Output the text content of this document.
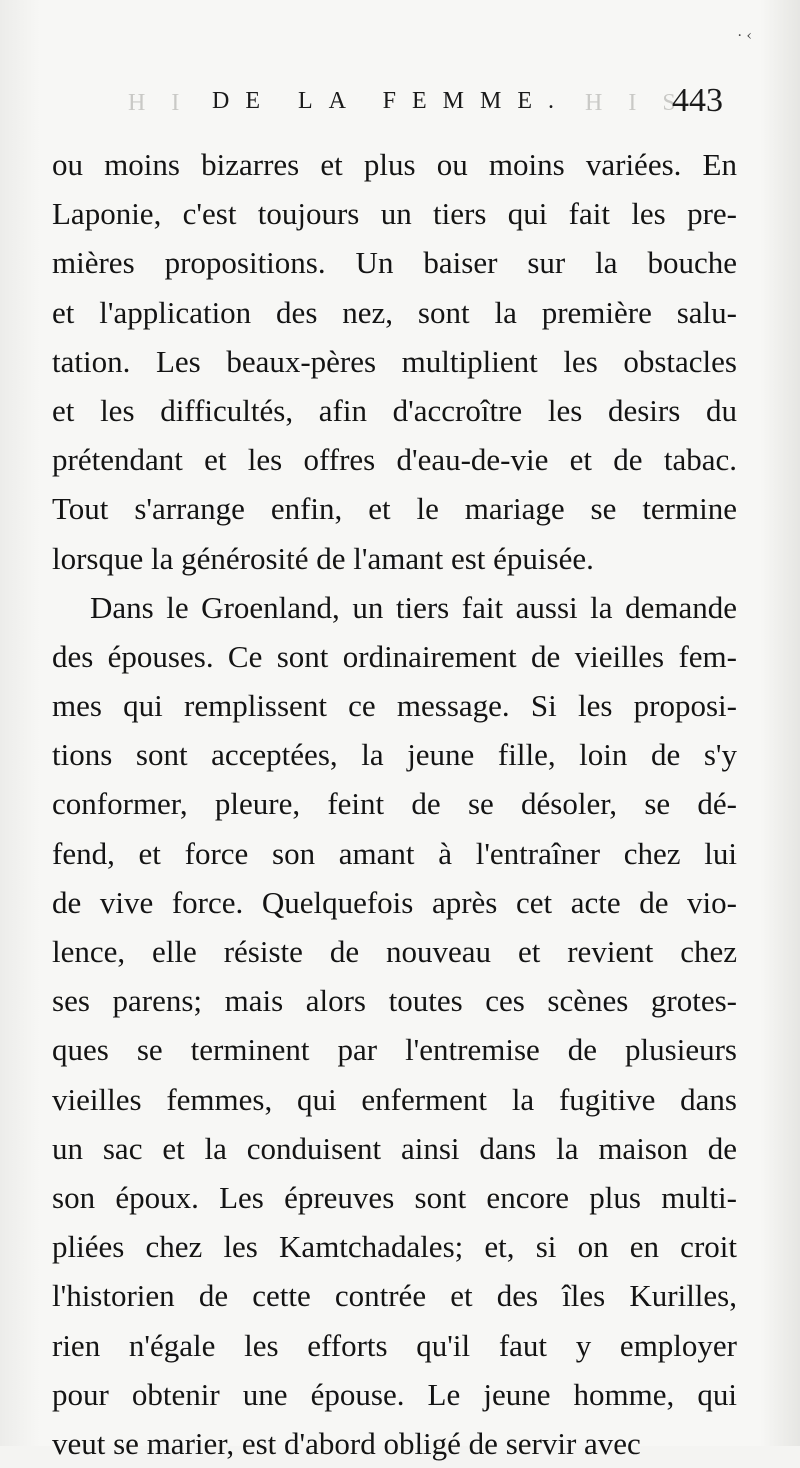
· ‹
H I DE LA FEMME. H I S
443
ou moins bizarres et plus ou moins variées. En
Laponie, c'est toujours un tiers qui fait les pre-
mières propositions. Un baiser sur la bouche
et l'application des nez, sont la première salu-
tation. Les beaux-pères multiplient les obstacles
et les difficultés, afin d'accroître les desirs du
prétendant et les offres d'eau-de-vie et de tabac.
Tout s'arrange enfin, et le mariage se termine
lorsque la générosité de l'amant est épuisée.
Dans le Groenland, un tiers fait aussi la demande
des épouses. Ce sont ordinairement de vieilles fem-
mes qui remplissent ce message. Si les proposi-
tions sont acceptées, la jeune fille, loin de s'y
conformer, pleure, feint de se désoler, se dé-
fend, et force son amant à l'entraîner chez lui
de vive force. Quelquefois après cet acte de vio-
lence, elle résiste de nouveau et revient chez
ses parens; mais alors toutes ces scènes grotes-
ques se terminent par l'entremise de plusieurs
vieilles femmes, qui enferment la fugitive dans
un sac et la conduisent ainsi dans la maison de
son époux. Les épreuves sont encore plus multi-
pliées chez les Kamtchadales; et, si on en croit
l'historien de cette contrée et des îles Kurilles,
rien n'égale les efforts qu'il faut y employer
pour obtenir une épouse. Le jeune homme, qui
veut se marier, est d'abord obligé de servir avec
